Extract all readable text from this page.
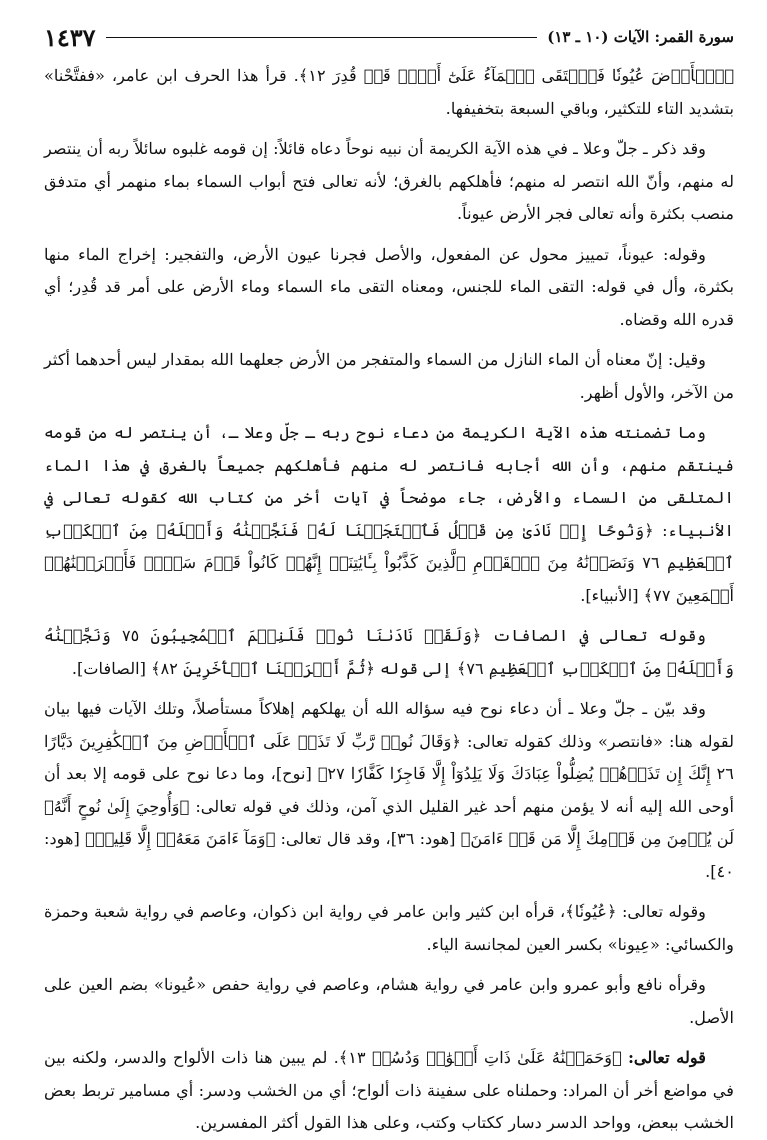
سورة القمر: الآيات (١٠ ـ ١٣)
١٤٣٧

﴿ٱلۡأَرۡضَ عُيُونٗا فَٱلۡتَقَى ٱلۡمَآءُ عَلَىٰٓ أَمۡرٖ قَدۡ قُدِرَ ١٢﴾. قرأ هذا الحرف ابن عامر، «ففتَّحْنا» بتشديد التاء للتكثير، وباقي السبعة بتخفيفها.

وقد ذكر ـ جلّ وعلا ـ في هذه الآية الكريمة أن نبيه نوحاً دعاه قائلاً: إن قومه غلبوه سائلاً ربه أن ينتصر له منهم، وأنّ الله انتصر له منهم؛ فأهلكهم بالغرق؛ لأنه تعالى فتح أبواب السماء بماء منهمر أي متدفق منصب بكثرة وأنه تعالى فجر الأرض عيوناً.

وقوله: عيوناً، تمييز محول عن المفعول، والأصل فجرنا عيون الأرض، والتفجير: إخراج الماء منها بكثرة، وأل في قوله: التقى الماء للجنس، ومعناه التقى ماء السماء وماء الأرض على أمر قد قُدِر؛ أي قدره الله وقضاه.

وقيل: إنّ معناه أن الماء النازل من السماء والمتفجر من الأرض جعلهما الله بمقدار ليس أحدهما أكثر من الآخر، والأول أظهر.

وما تضمنته هذه الآية الكريمة من دعاء نوح ربه ـ جلّ وعلا ـ، أن ينتصر له من قومه فينتقم منهم، وأن الله أجابه فانتصر له منهم فأهلكهم جميعاً بالغرق في هذا الماء المتلقى من السماء والأرض، جاء موضحاً في آيات أخر من كتاب الله كقوله تعالى في الأنبياء: ﴿وَنُوحًا إِذۡ نَادَىٰ مِن قَبۡلُ فَٱسۡتَجَبۡنَا لَهُۥ فَنَجَّيۡنَٰهُ وَأَهۡلَهُۥ مِنَ ٱلۡكَرۡبِ ٱلۡعَظِيمِ ٧٦ وَنَصَرۡنَٰهُ مِنَ ٱلۡقَوۡمِ ٱلَّذِينَ كَذَّبُواْ بِـَٔايَٰتِنَآۚ إِنَّهُمۡ كَانُواْ قَوۡمَ سَوۡءٖ فَأَغۡرَقۡنَٰهُمۡ أَجۡمَعِينَ ٧٧﴾ [الأنبياء].

وقوله تعالى في الصافات ﴿وَلَقَدۡ نَادَىٰنَا نُوحٞ فَلَنِعۡمَ ٱلۡمُجِيبُونَ ٧٥ وَنَجَّيۡنَٰهُ وَأَهۡلَهُۥ مِنَ ٱلۡكَرۡبِ ٱلۡعَظِيمِ ٧٦﴾ إلى قوله ﴿ثُمَّ أَغۡرَقۡنَا ٱلۡأٓخَرِينَ ٨٢﴾ [الصافات].

وقد بيّن ـ جلّ وعلا ـ أن دعاء نوح فيه سؤاله الله أن يهلكهم إهلاكاً مستأصلاً، وتلك الآيات فيها بيان لقوله هنا: «فانتصر» وذلك كقوله تعالى: ﴿وَقَالَ نُوحٞ رَّبِّ لَا تَذَرۡ عَلَى ٱلۡأَرۡضِ مِنَ ٱلۡكَٰفِرِينَ دَيَّارًا ٢٦ إِنَّكَ إِن تَذَرۡهُمۡ يُضِلُّواْ عِبَادَكَ وَلَا يَلِدُوٓاْ إِلَّا فَاجِرٗا كَفَّارٗا ٢٧﴾ [نوح]، وما دعا نوح على قومه إلا بعد أن أوحى الله إليه أنه لا يؤمن منهم أحد غير القليل الذي آمن، وذلك في قوله تعالى: ﴿وَأُوحِيَ إِلَىٰ نُوحٍ أَنَّهُۥ لَن يُؤۡمِنَ مِن قَوۡمِكَ إِلَّا مَن قَدۡ ءَامَنَ﴾ [هود: ٣٦]، وقد قال تعالى: ﴿وَمَآ ءَامَنَ مَعَهُۥٓ إِلَّا قَلِيلٞ﴾ [هود: ٤٠].

وقوله تعالى: ﴿عُيُونٗا﴾، قرأه ابن كثير وابن عامر في رواية ابن ذكوان، وعاصم في رواية شعبة وحمزة والكسائي: «عِيونا» بكسر العين لمجانسة الياء.

وقرأه نافع وأبو عمرو وابن عامر في رواية هشام، وعاصم في رواية حفص «عُيونا» بضم العين على الأصل.

قوله تعالى: ﴿وَحَمَلۡنَٰهُ عَلَىٰ ذَاتِ أَلۡوَٰحٖ وَدُسُرٖ ١٣﴾. لم يبين هنا ذات الألواح والدسر، ولكنه بين في مواضع أخر أن المراد: وحملناه على سفينة ذات ألواح؛ أي من الخشب ودسر: أي مسامير تربط بعض الخشب ببعض، وواحد الدسر دسار ككتاب وكتب، وعلى هذا القول أكثر المفسرين.
